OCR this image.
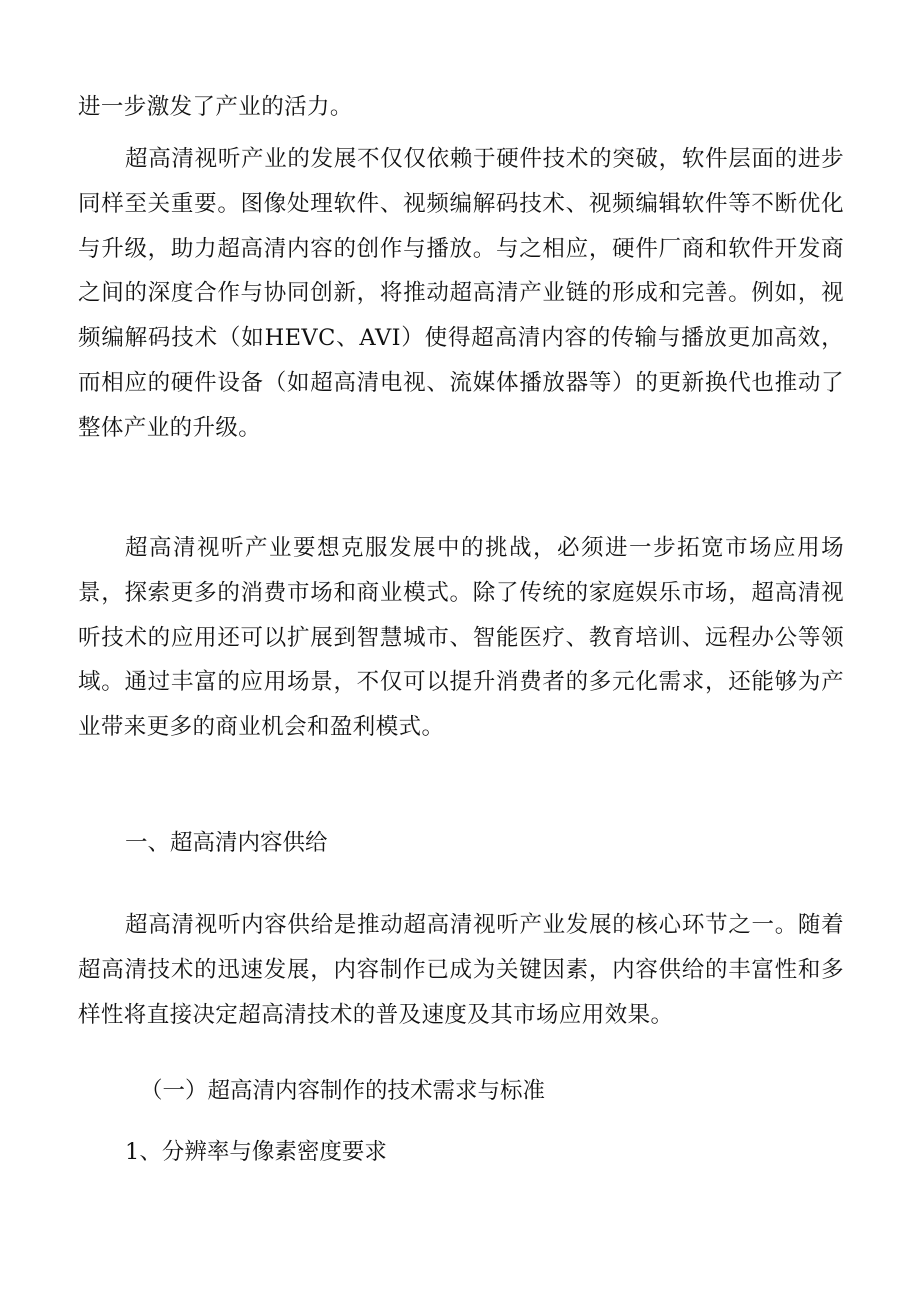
进一步激发了产业的活力。

超高清视听产业的发展不仅仅依赖于硬件技术的突破，软件层面的进步同样至关重要。图像处理软件、视频编解码技术、视频编辑软件等不断优化与升级，助力超高清内容的创作与播放。与之相应，硬件厂商和软件开发商之间的深度合作与协同创新，将推动超高清产业链的形成和完善。例如，视频编解码技术（如HEVC、AVI）使得超高清内容的传输与播放更加高效，而相应的硬件设备（如超高清电视、流媒体播放器等）的更新换代也推动了整体产业的升级。

超高清视听产业要想克服发展中的挑战，必须进一步拓宽市场应用场景，探索更多的消费市场和商业模式。除了传统的家庭娱乐市场，超高清视听技术的应用还可以扩展到智慧城市、智能医疗、教育培训、远程办公等领域。通过丰富的应用场景，不仅可以提升消费者的多元化需求，还能够为产业带来更多的商业机会和盈利模式。

一、超高清内容供给

超高清视听内容供给是推动超高清视听产业发展的核心环节之一。随着超高清技术的迅速发展，内容制作已成为关键因素，内容供给的丰富性和多样性将直接决定超高清技术的普及速度及其市场应用效果。

（一）超高清内容制作的技术需求与标准

1、分辨率与像素密度要求
